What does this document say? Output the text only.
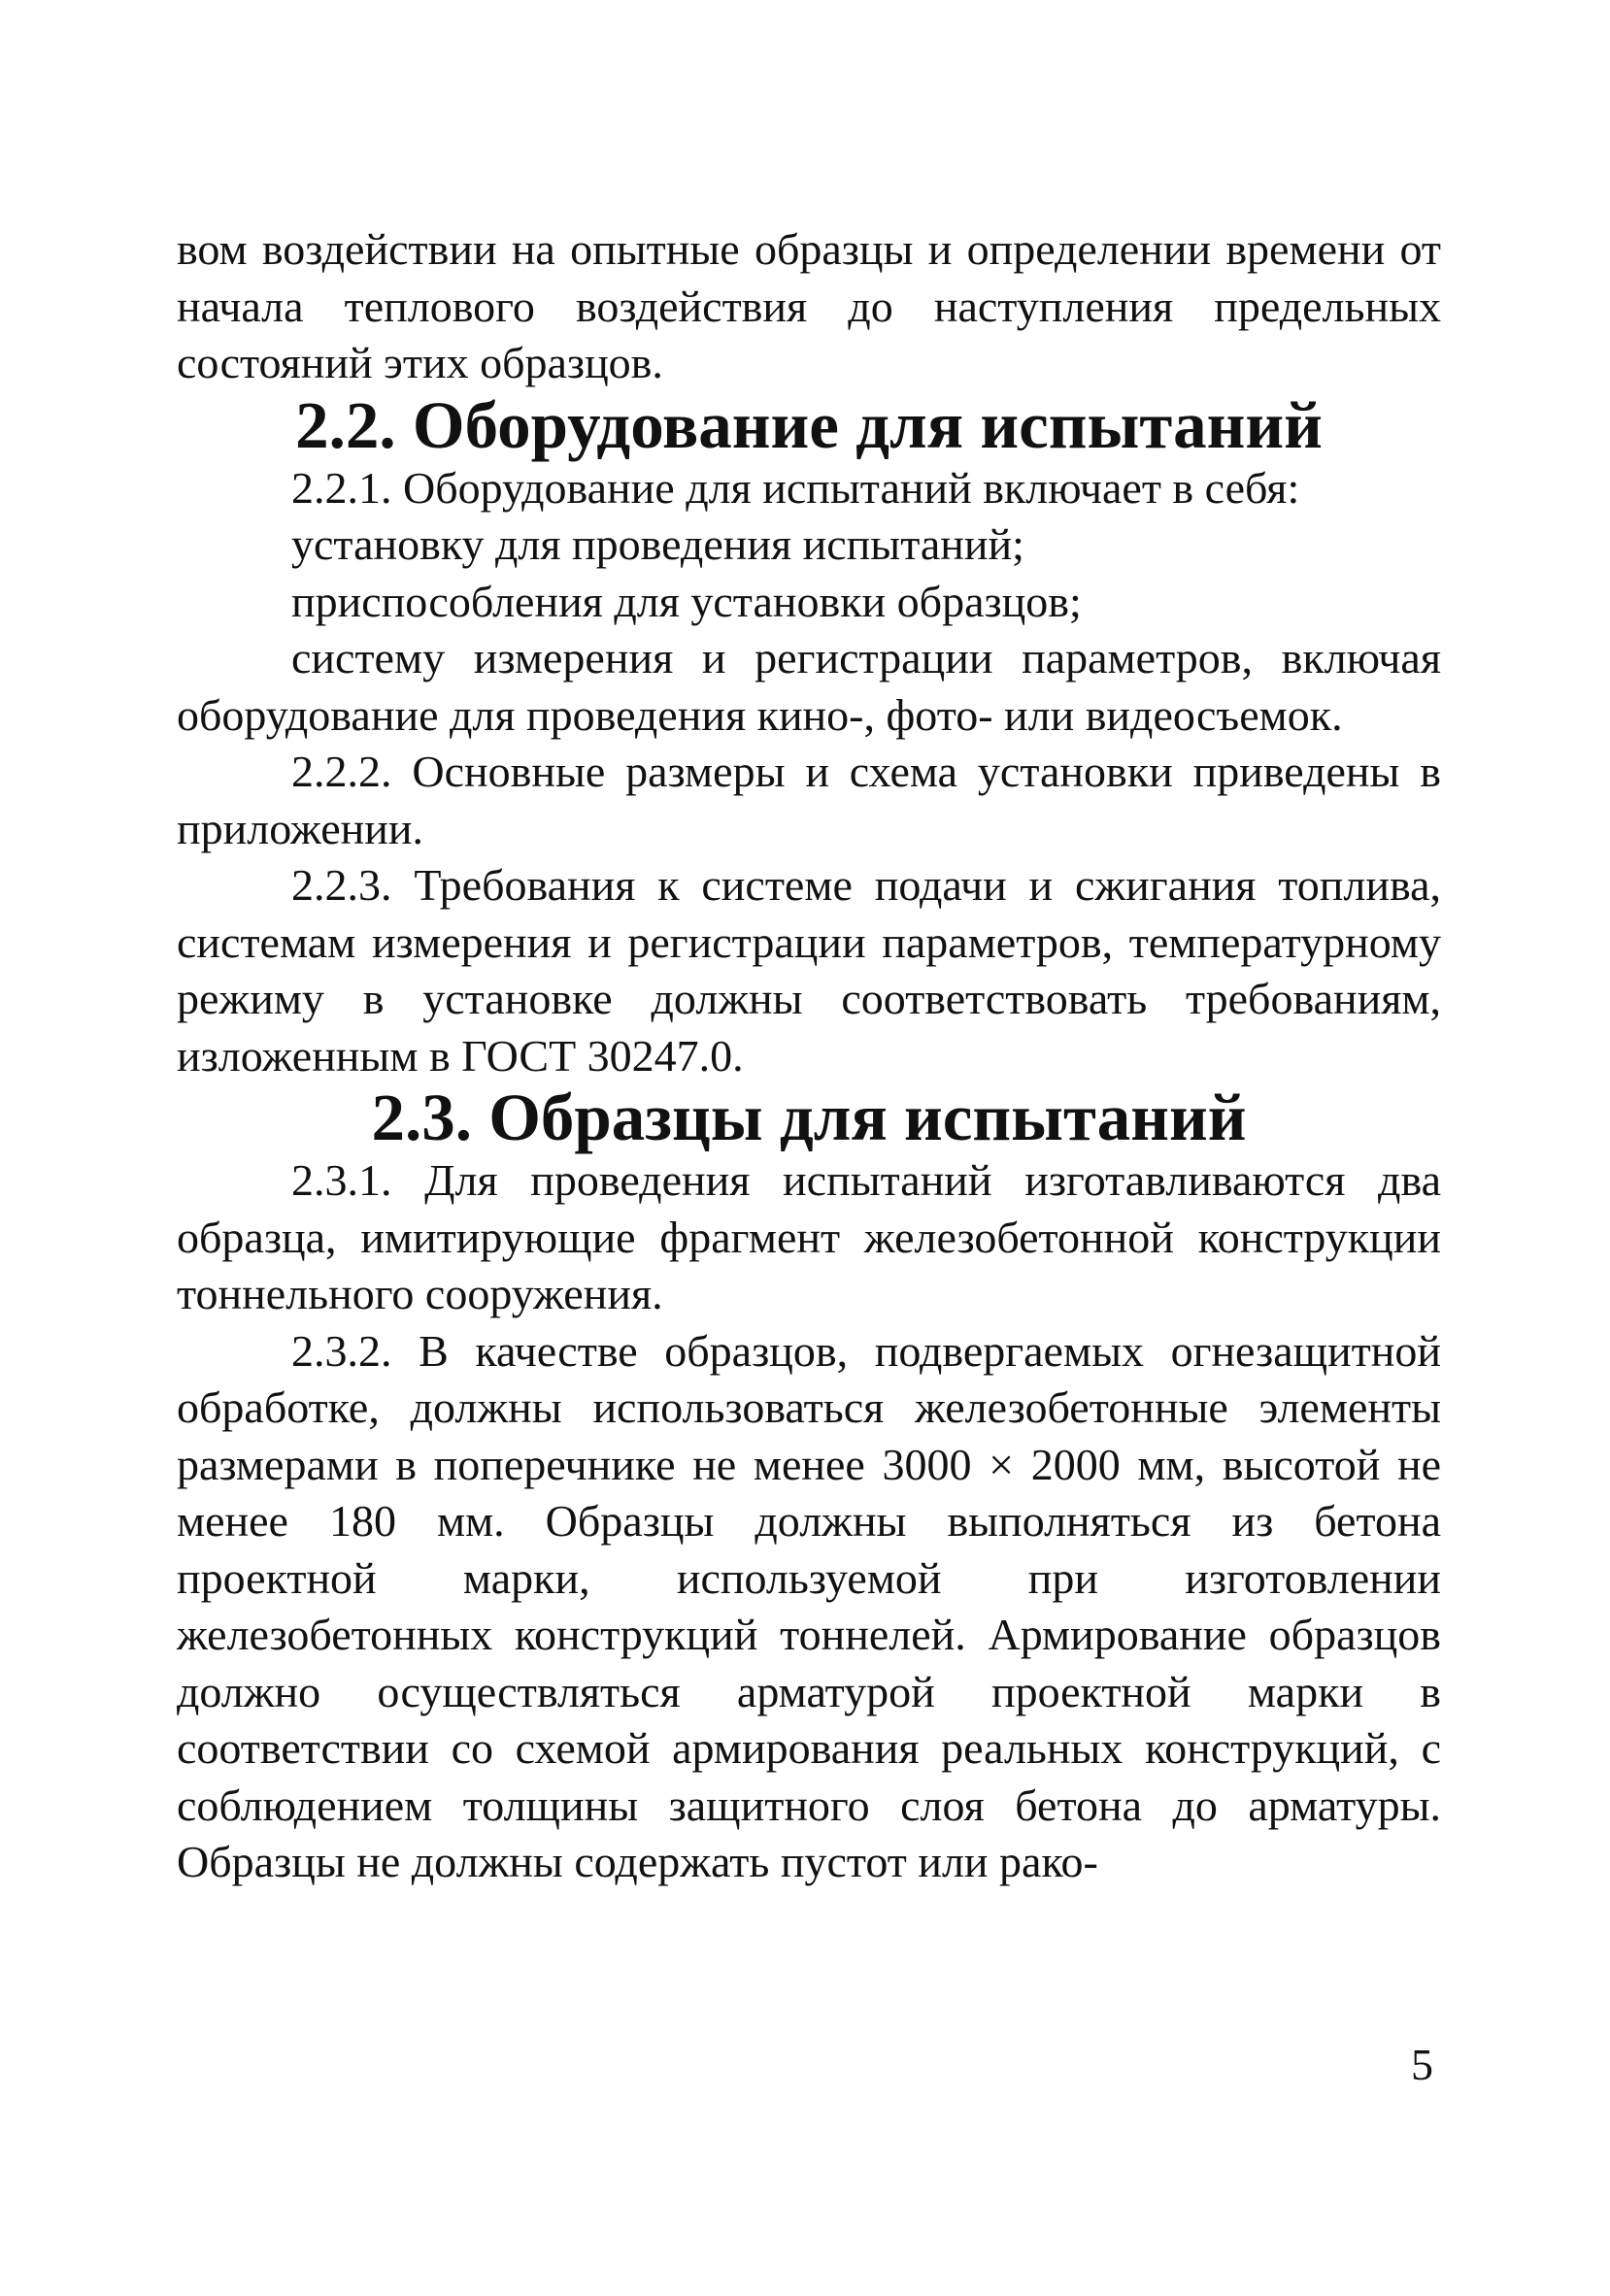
вом воздействии на опытные образцы и определении времени от начала теплового воздействия до наступления предельных состояний этих образцов.

2.2. Оборудование для испытаний

2.2.1. Оборудование для испытаний включает в себя:

установку для проведения испытаний;

приспособления для установки образцов;

систему измерения и регистрации параметров, включая оборудование для проведения кино-, фото- или видеосъемок.

2.2.2. Основные размеры и схема установки приведены в приложении.

2.2.3. Требования к системе подачи и сжигания топлива, системам измерения и регистрации параметров, температурному режиму в установке должны соответствовать требованиям, изложенным в ГОСТ 30247.0.

2.3. Образцы для испытаний

2.3.1. Для проведения испытаний изготавливаются два образца, имитирующие фрагмент железобетонной конструкции тоннельного сооружения.

2.3.2. В качестве образцов, подвергаемых огнезащитной обработке, должны использоваться железобетонные элементы размерами в поперечнике не менее 3000 × 2000 мм, высотой не менее 180 мм. Образцы должны выполняться из бетона проектной марки, используемой при изготовлении железобетонных конструкций тоннелей. Армирование образцов должно осуществляться арматурой проектной марки в соответствии со схемой армирования реальных конструкций, с соблюдением толщины защитного слоя бетона до арматуры. Образцы не должны содержать пустот или рако-

5
